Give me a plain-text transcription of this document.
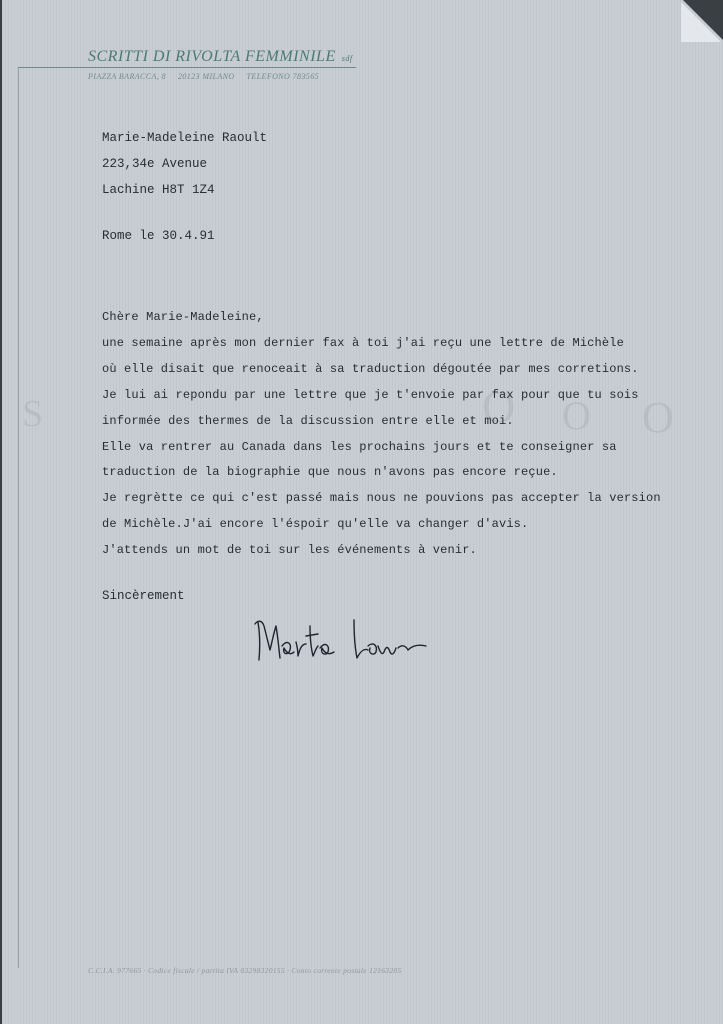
S	O O O
SCRITTI DI RIVOLTA FEMMINILE sdf
PIAZZA BARACCA, 8     20123 MILANO     TELEFONO 783565
Marie-Madeleine Raoult
223,34e Avenue
Lachine H8T 1Z4
Rome le 30.4.91
Chère Marie-Madeleine,
une semaine après mon dernier fax à toi j'ai reçu une lettre de Michèle
où elle disait que renoceait à sa traduction dégoutée par mes corretions.
Je lui ai repondu par une lettre que je t'envoie par fax pour que tu sois
informée des thermes de la discussion entre elle et moi.
Elle va rentrer au Canada dans les prochains jours et te conseigner sa
traduction de la biographie que nous n'avons pas encore reçue.
Je regrètte ce qui c'est passé mais nous ne pouvions pas accepter la version
de Michèle.J'ai encore l'éspoir qu'elle va changer d'avis.
J'attends un mot de toi sur les événements à venir.
Sincèrement
C.C.I.A. 977665 · Codice fiscale / partita IVA 03298320155 · Conto corrente postale 12163205
